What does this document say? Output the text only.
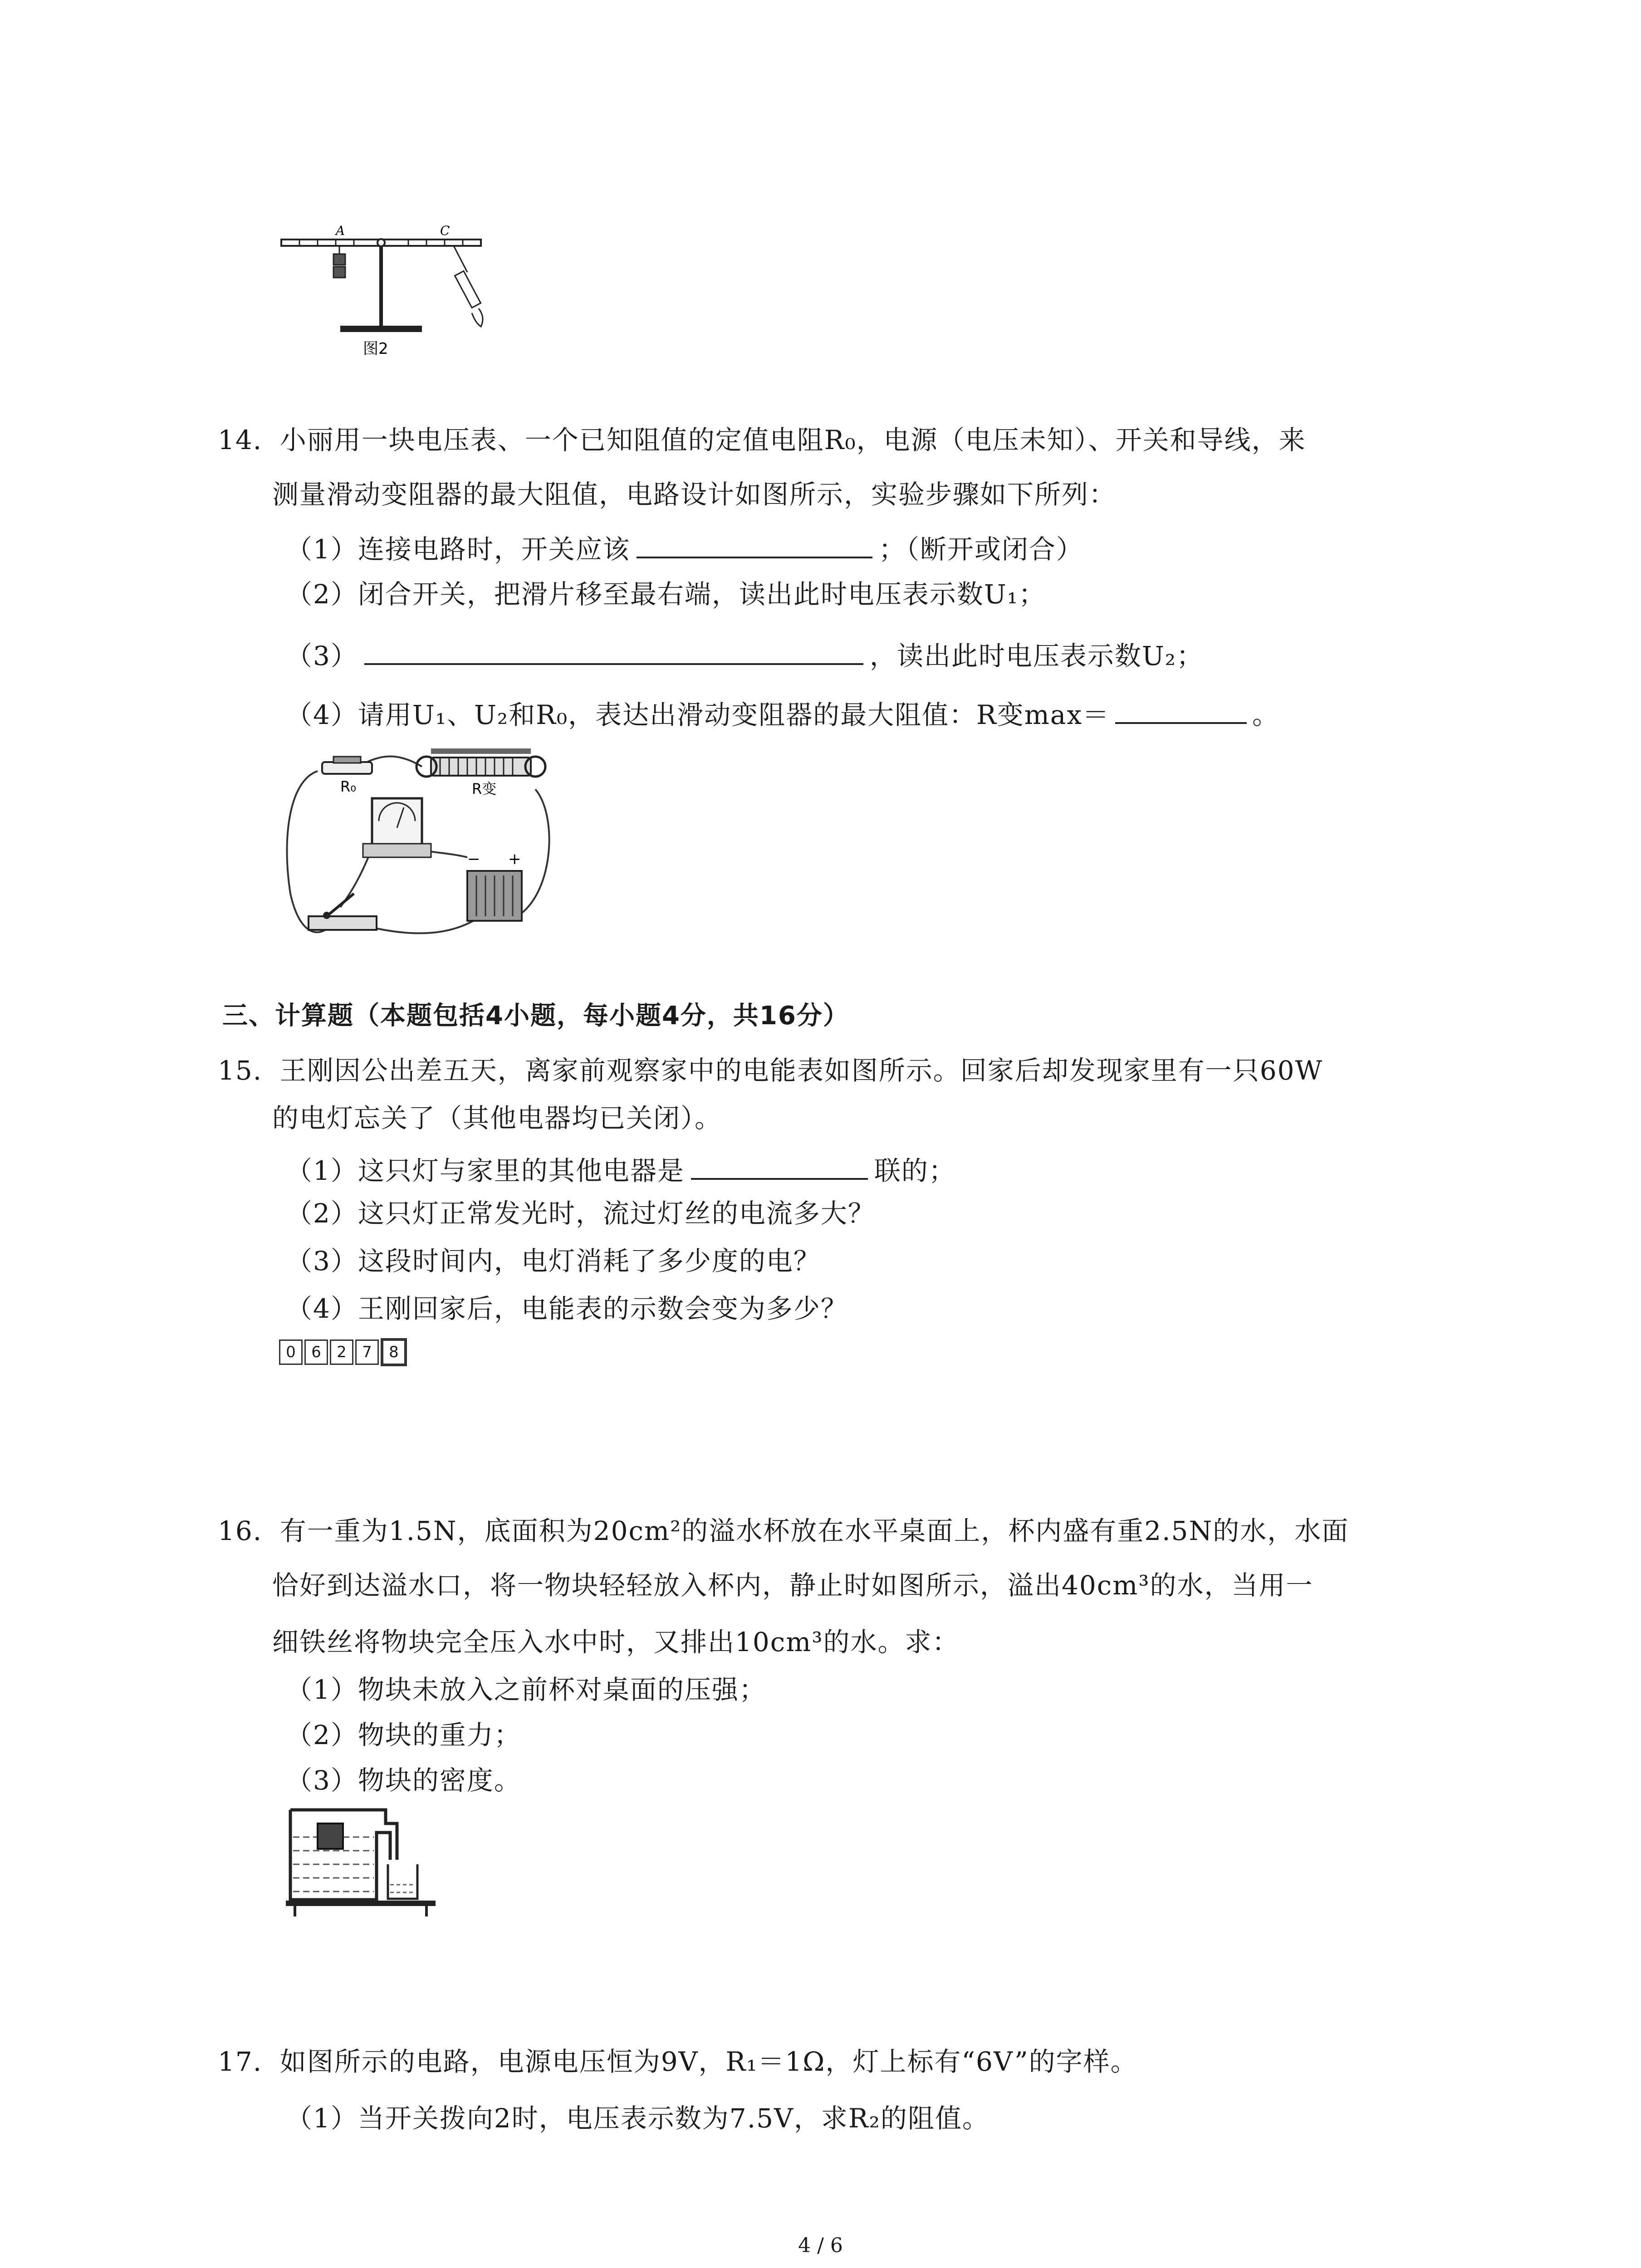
A	C
图2
14. 小丽用一块电压表、一个已知阻值的定值电阻R₀，电源（电压未知）、开关和导线，来
测量滑动变阻器的最大阻值，电路设计如图所示，实验步骤如下所列：
（1）连接电路时，开关应该	；（断开或闭合）
（2）闭合开关，把滑片移至最右端，读出此时电压表示数U₁；
（3）	，读出此时电压表示数U₂；
（4）请用U₁、U₂和R₀，表达出滑动变阻器的最大阻值：R变max＝	。
R₀	R变
− +
三、计算题（本题包括4小题，每小题4分，共16分）
15. 王刚因公出差五天，离家前观察家中的电能表如图所示。回家后却发现家里有一只60W
的电灯忘关了（其他电器均已关闭）。
（1）这只灯与家里的其他电器是	联的；
（2）这只灯正常发光时，流过灯丝的电流多大？
（3）这段时间内，电灯消耗了多少度的电？
（4）王刚回家后，电能表的示数会变为多少？
0 6 2 7 8
16. 有一重为1.5N，底面积为20cm²的溢水杯放在水平桌面上，杯内盛有重2.5N的水，水面
恰好到达溢水口，将一物块轻轻放入杯内，静止时如图所示，溢出40cm³的水，当用一
细铁丝将物块完全压入水中时，又排出10cm³的水。求：
（1）物块未放入之前杯对桌面的压强；
（2）物块的重力；
（3）物块的密度。
17. 如图所示的电路，电源电压恒为9V，R₁＝1Ω，灯上标有“6V”的字样。
（1）当开关拨向2时，电压表示数为7.5V，求R₂的阻值。
4 / 6
